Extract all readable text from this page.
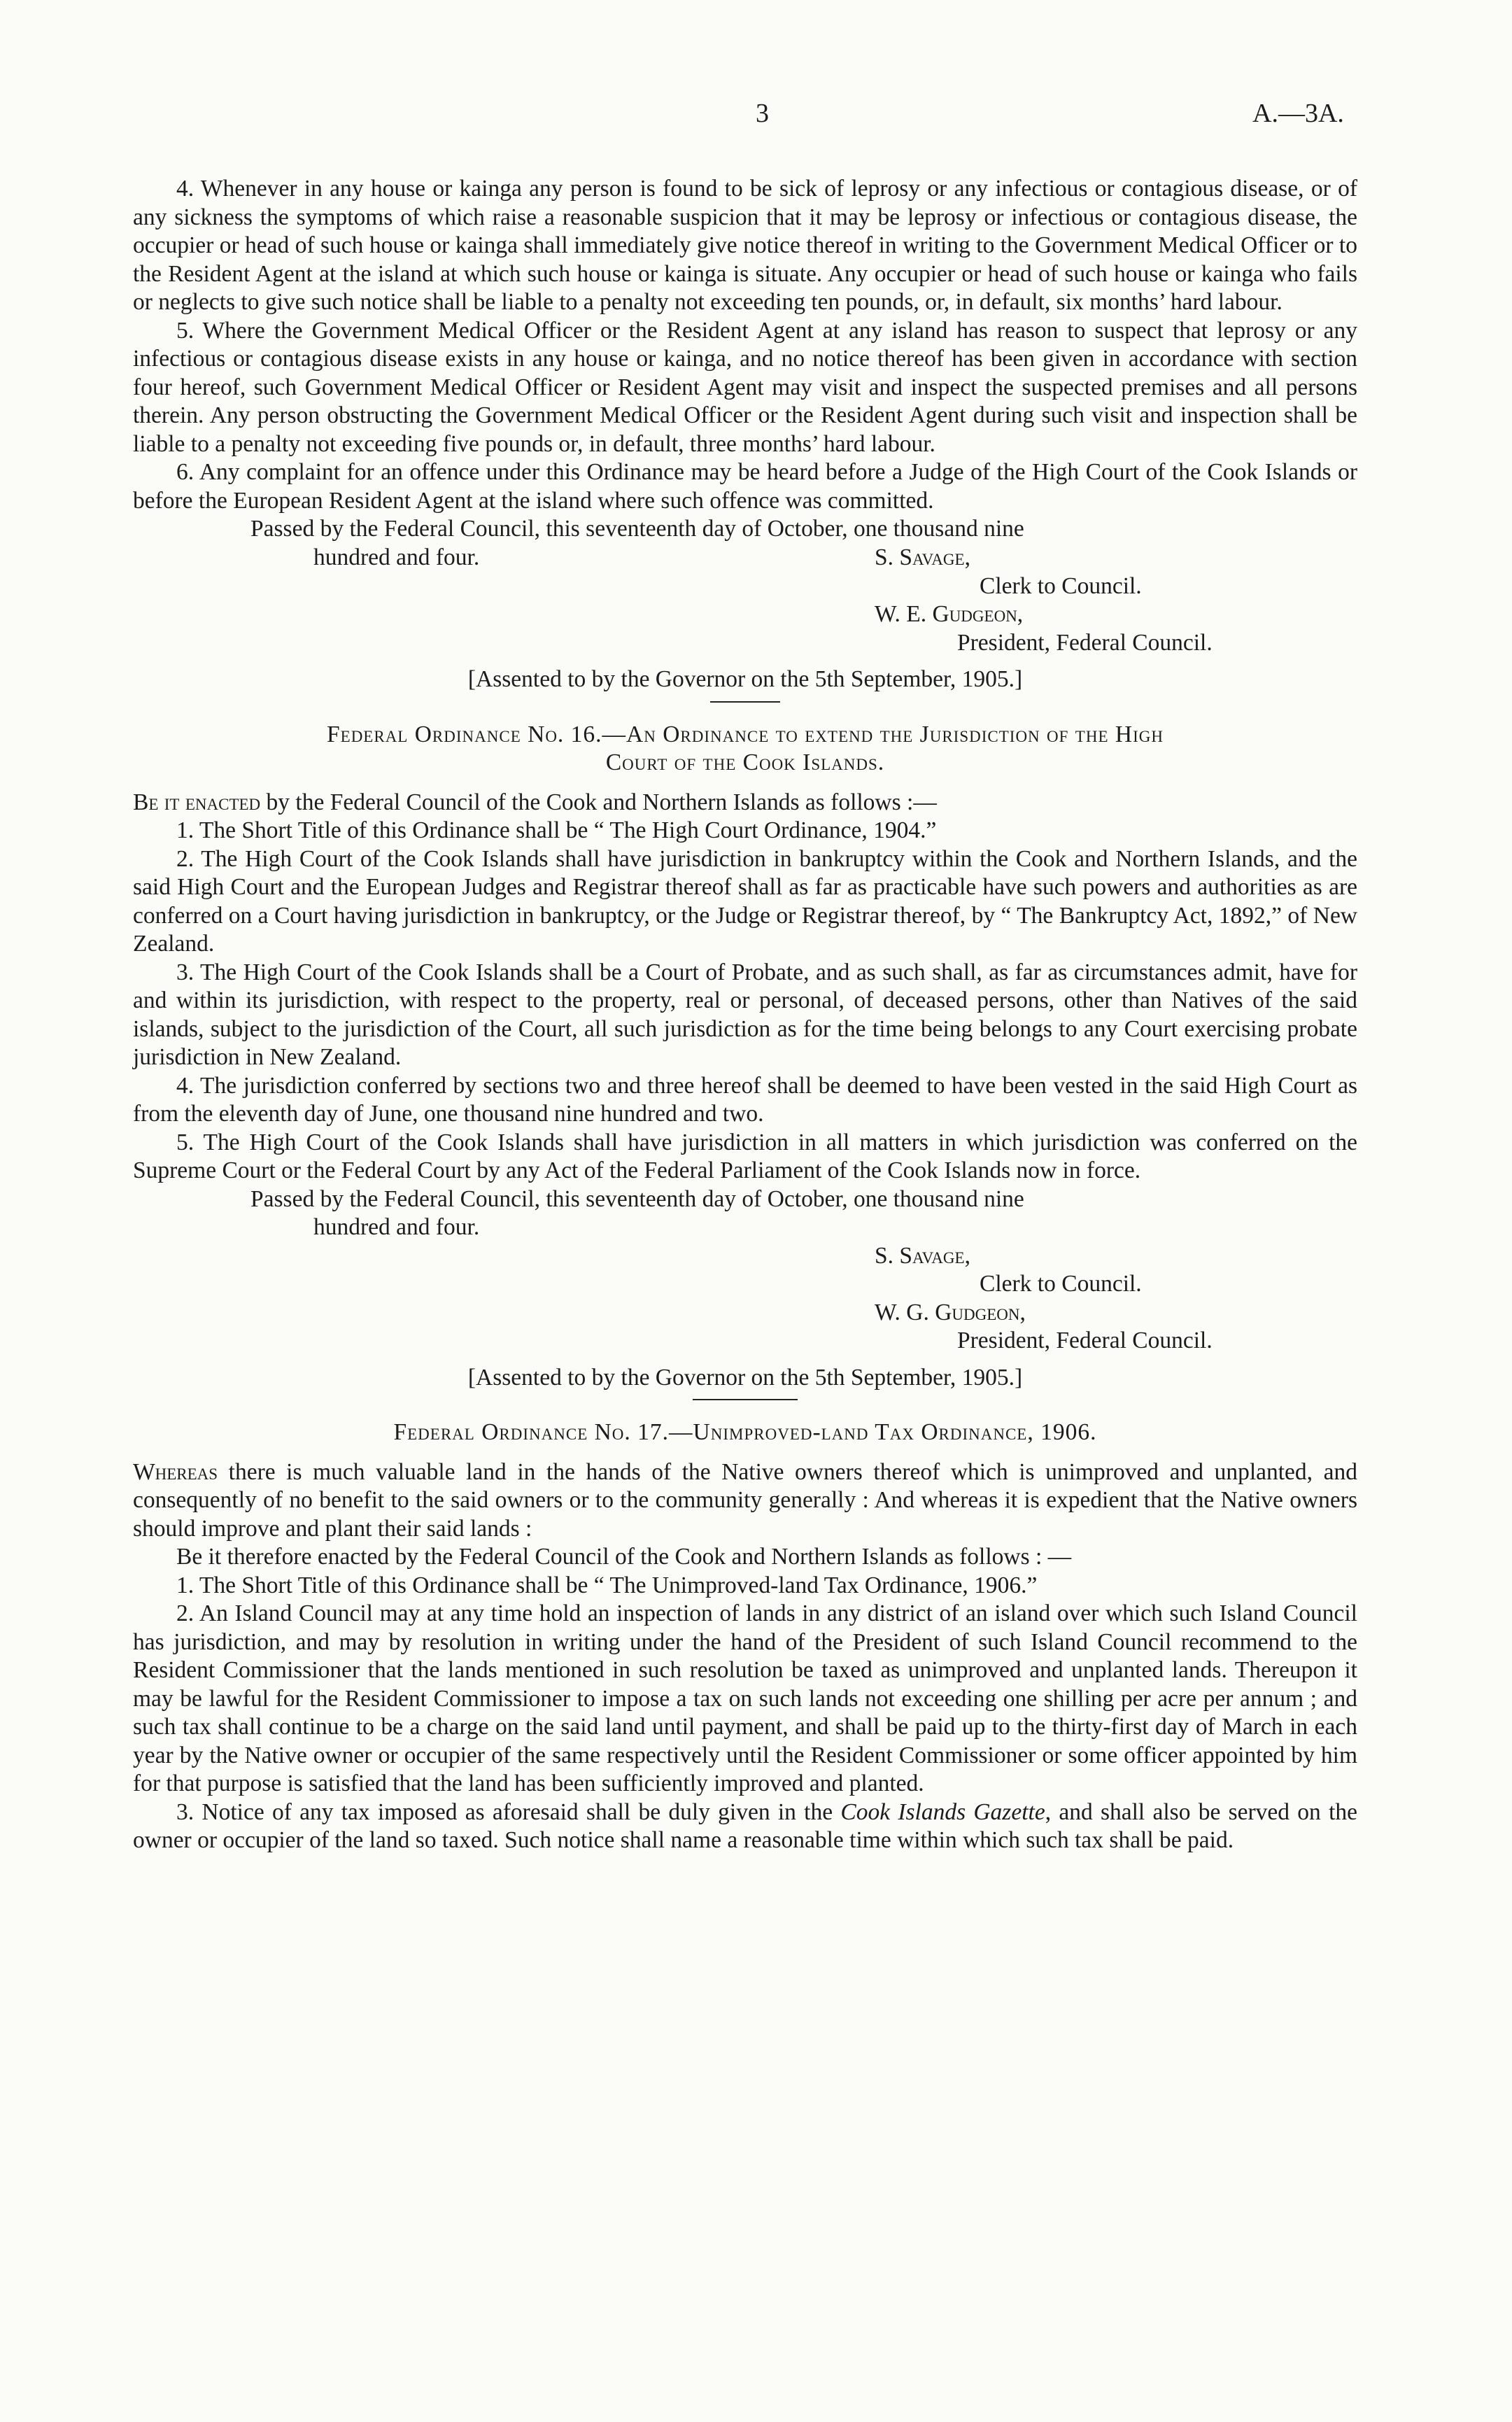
3	A.—3A.

4. Whenever in any house or kainga any person is found to be sick of leprosy or any infectious or contagious disease, or of any sickness the symptoms of which raise a reasonable suspicion that it may be leprosy or infectious or contagious disease, the occupier or head of such house or kainga shall immediately give notice thereof in writing to the Government Medical Officer or to the Resident Agent at the island at which such house or kainga is situate. Any occupier or head of such house or kainga who fails or neglects to give such notice shall be liable to a penalty not exceeding ten pounds, or, in default, six months’ hard labour.

5. Where the Government Medical Officer or the Resident Agent at any island has reason to suspect that leprosy or any infectious or contagious disease exists in any house or kainga, and no notice thereof has been given in accordance with section four hereof, such Government Medical Officer or Resident Agent may visit and inspect the suspected premises and all persons therein. Any person obstructing the Government Medical Officer or the Resident Agent during such visit and inspection shall be liable to a penalty not exceeding five pounds or, in default, three months’ hard labour.

6. Any complaint for an offence under this Ordinance may be heard before a Judge of the High Court of the Cook Islands or before the European Resident Agent at the island where such offence was committed.

Passed by the Federal Council, this seventeenth day of October, one thousand nine
hundred and four.	S. Savage,
Clerk to Council.
W. E. Gudgeon,
President, Federal Council.

[Assented to by the Governor on the 5th September, 1905.]

Federal Ordinance No. 16.—An Ordinance to extend the Jurisdiction of the High
Court of the Cook Islands.

Be it enacted by the Federal Council of the Cook and Northern Islands as follows :—

1. The Short Title of this Ordinance shall be “ The High Court Ordinance, 1904.”

2. The High Court of the Cook Islands shall have jurisdiction in bankruptcy within the Cook and Northern Islands, and the said High Court and the European Judges and Registrar thereof shall as far as practicable have such powers and authorities as are conferred on a Court having jurisdiction in bankruptcy, or the Judge or Registrar thereof, by “ The Bankruptcy Act, 1892,” of New Zealand.

3. The High Court of the Cook Islands shall be a Court of Probate, and as such shall, as far as circumstances admit, have for and within its jurisdiction, with respect to the property, real or personal, of deceased persons, other than Natives of the said islands, subject to the jurisdiction of the Court, all such jurisdiction as for the time being belongs to any Court exercising probate jurisdiction in New Zealand.

4. The jurisdiction conferred by sections two and three hereof shall be deemed to have been vested in the said High Court as from the eleventh day of June, one thousand nine hundred and two.

5. The High Court of the Cook Islands shall have jurisdiction in all matters in which jurisdiction was conferred on the Supreme Court or the Federal Court by any Act of the Federal Parliament of the Cook Islands now in force.

Passed by the Federal Council, this seventeenth day of October, one thousand nine
hundred and four.

S. Savage,
Clerk to Council.
W. G. Gudgeon,
President, Federal Council.

[Assented to by the Governor on the 5th September, 1905.]

Federal Ordinance No. 17.—Unimproved-land Tax Ordinance, 1906.

Whereas there is much valuable land in the hands of the Native owners thereof which is unimproved and unplanted, and consequently of no benefit to the said owners or to the community generally : And whereas it is expedient that the Native owners should improve and plant their said lands :

Be it therefore enacted by the Federal Council of the Cook and Northern Islands as follows : —

1. The Short Title of this Ordinance shall be “ The Unimproved-land Tax Ordinance, 1906.”

2. An Island Council may at any time hold an inspection of lands in any district of an island over which such Island Council has jurisdiction, and may by resolution in writing under the hand of the President of such Island Council recommend to the Resident Commissioner that the lands mentioned in such resolution be taxed as unimproved and unplanted lands. Thereupon it may be lawful for the Resident Commissioner to impose a tax on such lands not exceeding one shilling per acre per annum ; and such tax shall continue to be a charge on the said land until payment, and shall be paid up to the thirty-first day of March in each year by the Native owner or occupier of the same respectively until the Resident Commissioner or some officer appointed by him for that purpose is satisfied that the land has been sufficiently improved and planted.

3. Notice of any tax imposed as aforesaid shall be duly given in the Cook Islands Gazette, and shall also be served on the owner or occupier of the land so taxed. Such notice shall name a reasonable time within which such tax shall be paid.
